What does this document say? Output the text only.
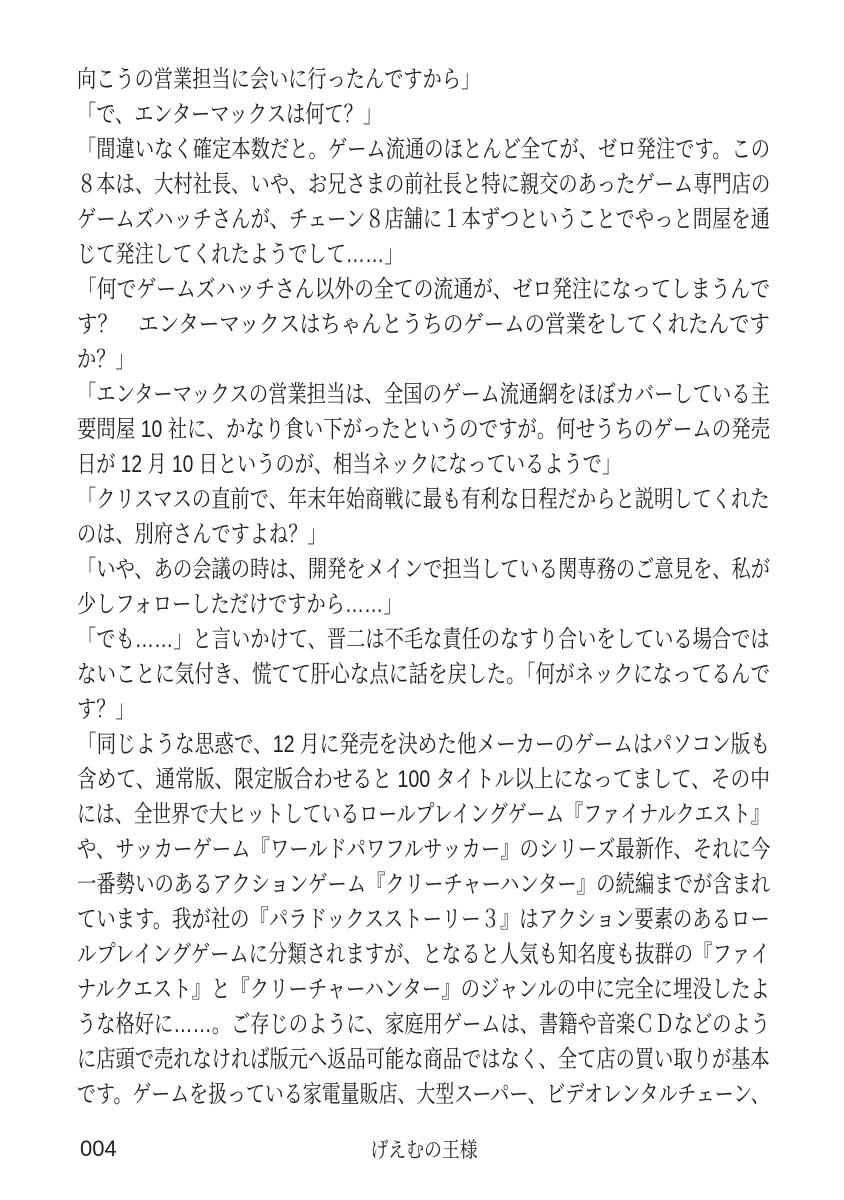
向こうの営業担当に会いに行ったんですから」
「で、エンターマックスは何て？」
「間違いなく確定本数だと。ゲーム流通のほとんど全てが、ゼロ発注です。この
８本は、大村社長、いや、お兄さまの前社長と特に親交のあったゲーム専門店の
ゲームズハッチさんが、チェーン８店舗に１本ずつということでやっと問屋を通
じて発注してくれたようでして……」
「何でゲームズハッチさん以外の全ての流通が、ゼロ発注になってしまうんで
す？　エンターマックスはちゃんとうちのゲームの営業をしてくれたんです
か？」
「エンターマックスの営業担当は、全国のゲーム流通網をほぼカバーしている主
要問屋 10 社に、かなり食い下がったというのですが。何せうちのゲームの発売
日が 12 月 10 日というのが、相当ネックになっているようで」
「クリスマスの直前で、年末年始商戦に最も有利な日程だからと説明してくれた
のは、別府さんですよね？」
「いや、あの会議の時は、開発をメインで担当している関専務のご意見を、私が
少しフォローしただけですから……」
「でも……」と言いかけて、晋二は不毛な責任のなすり合いをしている場合では
ないことに気付き、慌てて肝心な点に話を戻した。「何がネックになってるんで
す？」
「同じような思惑で、12 月に発売を決めた他メーカーのゲームはパソコン版も
含めて、通常版、限定版合わせると 100 タイトル以上になってまして、その中
には、全世界で大ヒットしているロールプレイングゲーム『ファイナルクエスト』
や、サッカーゲーム『ワールドパワフルサッカー』のシリーズ最新作、それに今
一番勢いのあるアクションゲーム『クリーチャーハンター』の続編までが含まれ
ています。我が社の『パラドックスストーリー３』はアクション要素のあるロー
ルプレイングゲームに分類されますが、となると人気も知名度も抜群の『ファイ
ナルクエスト』と『クリーチャーハンター』のジャンルの中に完全に埋没したよ
うな格好に……。ご存じのように、家庭用ゲームは、書籍や音楽ＣＤなどのよう
に店頭で売れなければ版元へ返品可能な商品ではなく、全て店の買い取りが基本
です。ゲームを扱っている家電量販店、大型スーパー、ビデオレンタルチェーン、
004	げえむの王様
